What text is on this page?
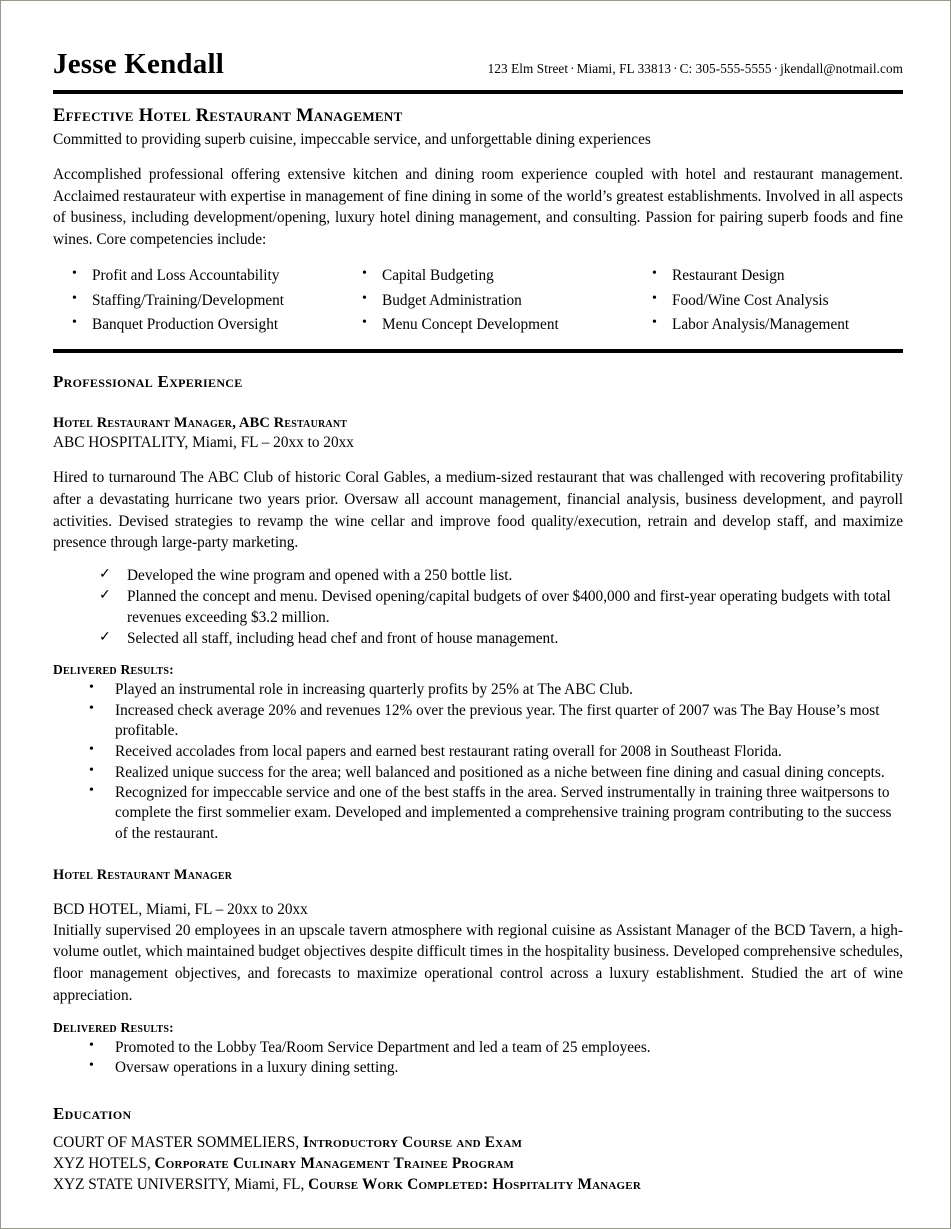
Jesse Kendall	123 Elm Street · Miami, FL 33813 · C: 305-555-5555 · jkendall@notmail.com
Effective Hotel Restaurant Management
Committed to providing superb cuisine, impeccable service, and unforgettable dining experiences
Accomplished professional offering extensive kitchen and dining room experience coupled with hotel and restaurant management. Acclaimed restaurateur with expertise in management of fine dining in some of the world’s greatest establishments. Involved in all aspects of business, including development/opening, luxury hotel dining management, and consulting. Passion for pairing superb foods and fine wines. Core competencies include:
• Profit and Loss Accountability	• Capital Budgeting	• Restaurant Design
• Staffing/Training/Development	• Budget Administration	• Food/Wine Cost Analysis
• Banquet Production Oversight	• Menu Concept Development	• Labor Analysis/Management
Professional Experience
Hotel Restaurant Manager, ABC Restaurant
ABC HOSPITALITY, Miami, FL – 20xx to 20xx
Hired to turnaround The ABC Club of historic Coral Gables, a medium-sized restaurant that was challenged with recovering profitability after a devastating hurricane two years prior. Oversaw all account management, financial analysis, business development, and payroll activities. Devised strategies to revamp the wine cellar and improve food quality/execution, retrain and develop staff, and maximize presence through large-party marketing.
✓ Developed the wine program and opened with a 250 bottle list.
✓ Planned the concept and menu. Devised opening/capital budgets of over $400,000 and first-year operating budgets with total revenues exceeding $3.2 million.
✓ Selected all staff, including head chef and front of house management.
Delivered Results:
• Played an instrumental role in increasing quarterly profits by 25% at The ABC Club.
• Increased check average 20% and revenues 12% over the previous year. The first quarter of 2007 was The Bay House’s most profitable.
• Received accolades from local papers and earned best restaurant rating overall for 2008 in Southeast Florida.
• Realized unique success for the area; well balanced and positioned as a niche between fine dining and casual dining concepts.
• Recognized for impeccable service and one of the best staffs in the area. Served instrumentally in training three waitpersons to complete the first sommelier exam. Developed and implemented a comprehensive training program contributing to the success of the restaurant.
Hotel Restaurant Manager
BCD HOTEL, Miami, FL – 20xx to 20xx
Initially supervised 20 employees in an upscale tavern atmosphere with regional cuisine as Assistant Manager of the BCD Tavern, a high-volume outlet, which maintained budget objectives despite difficult times in the hospitality business. Developed comprehensive schedules, floor management objectives, and forecasts to maximize operational control across a luxury establishment. Studied the art of wine appreciation.
Delivered Results:
• Promoted to the Lobby Tea/Room Service Department and led a team of 25 employees.
• Oversaw operations in a luxury dining setting.
Education
COURT OF MASTER SOMMELIERS, Introductory Course and Exam
XYZ HOTELS, Corporate Culinary Management Trainee Program
XYZ STATE UNIVERSITY, Miami, FL, Course Work Completed: Hospitality Manager
